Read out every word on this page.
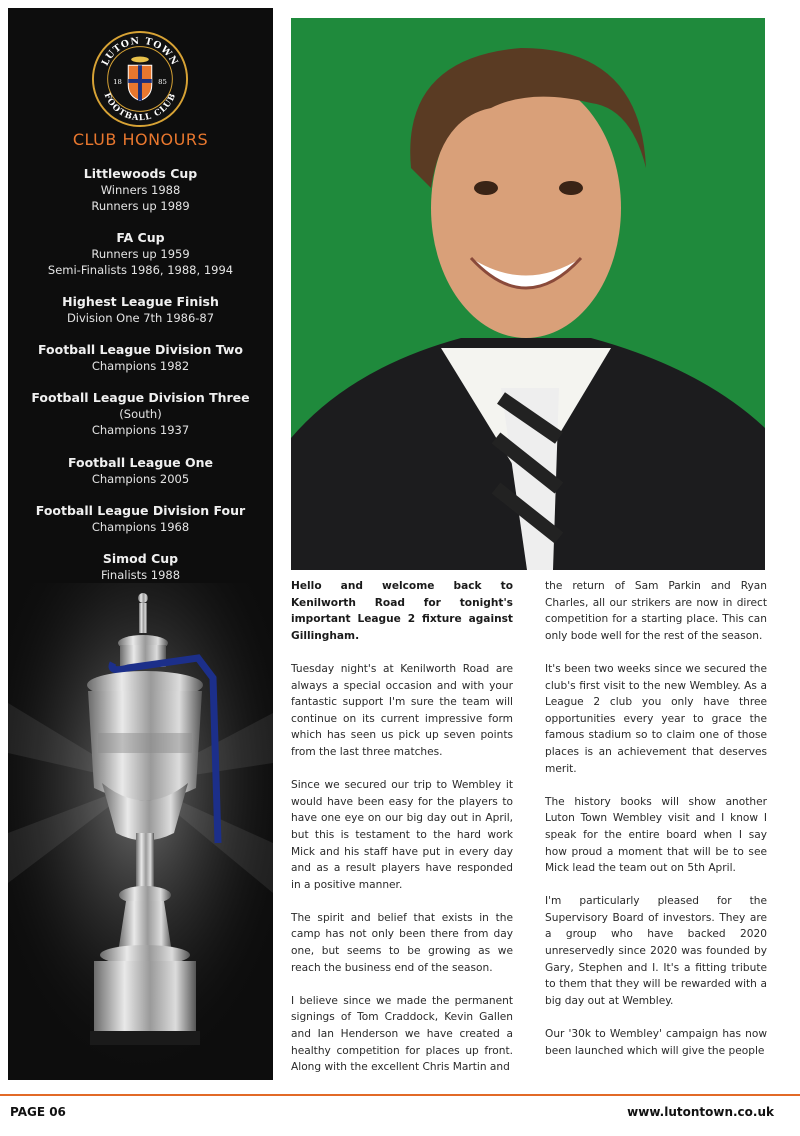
LUTON TOWN
FOOTBALL CLUB
18	85
CLUB HONOURS
Littlewoods Cup
Winners 1988
Runners up 1989
FA Cup
Runners up 1959
Semi-Finalists 1986, 1988, 1994
Highest League Finish
Division One 7th 1986-87
Football League Division Two
Champions 1982
Football League Division Three
(South)
Champions 1937
Football League One
Champions 2005
Football League Division Four
Champions 1968
Simod Cup
Finalists 1988

Hello and welcome back to Kenilworth Road for tonight's important League 2 fixture against Gillingham.

Tuesday night's at Kenilworth Road are always a special occasion and with your fantastic support I'm sure the team will continue on its current impressive form which has seen us pick up seven points from the last three matches.

Since we secured our trip to Wembley it would have been easy for the players to have one eye on our big day out in April, but this is testament to the hard work Mick and his staff have put in every day and as a result players have responded in a positive manner.

The spirit and belief that exists in the camp has not only been there from day one, but seems to be growing as we reach the business end of the season.

I believe since we made the permanent signings of Tom Craddock, Kevin Gallen and Ian Henderson we have created a healthy competition for places up front. Along with the excellent Chris Martin and

the return of Sam Parkin and Ryan Charles, all our strikers are now in direct competition for a starting place. This can only bode well for the rest of the season.

It's been two weeks since we secured the club's first visit to the new Wembley. As a League 2 club you only have three opportunities every year to grace the famous stadium so to claim one of those places is an achievement that deserves merit.

The history books will show another Luton Town Wembley visit and I know I speak for the entire board when I say how proud a moment that will be to see Mick lead the team out on 5th April.

I'm particularly pleased for the Supervisory Board of investors. They are a group who have backed 2020 unreservedly since 2020 was founded by Gary, Stephen and I. It's a fitting tribute to them that they will be rewarded with a big day out at Wembley.

Our '30k to Wembley' campaign has now been launched which will give the people

PAGE 06	www.lutontown.co.uk
